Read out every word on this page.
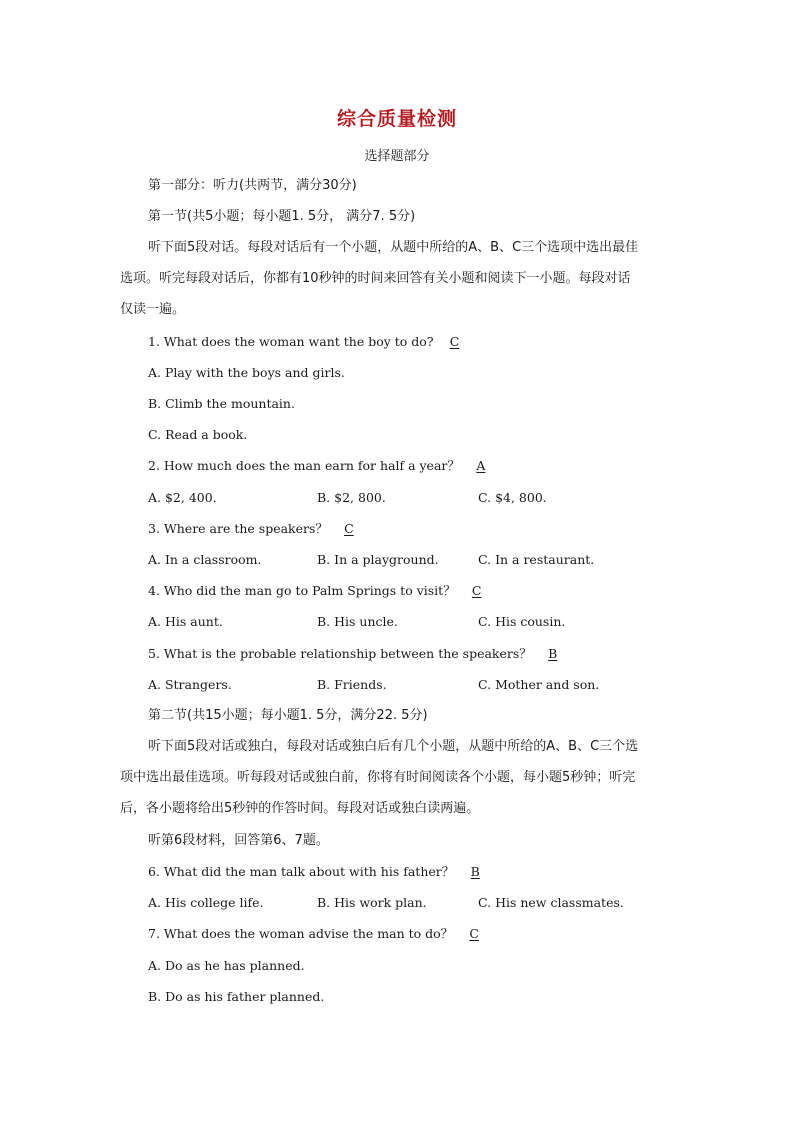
综合质量检测
选择题部分
第一部分：听力(共两节，满分30分)
第一节(共5小题；每小题1. 5分， 满分7. 5分)
听下面5段对话。每段对话后有一个小题，从题中所给的A、B、C三个选项中选出最佳
选项。听完每段对话后，你都有10秒钟的时间来回答有关小题和阅读下一小题。每段对话
仅读一遍。
1. What does the woman want the boy to do? C
A. Play with the boys and girls.
B. Climb the mountain.
C. Read a book.
2. How much does the man earn for half a year？ A
A. $2, 400.	B. $2, 800.	C. $4, 800.
3. Where are the speakers？ C
A. In a classroom.	B. In a playground.	C. In a restaurant.
4. Who did the man go to Palm Springs to visit？ C
A. His aunt.	B. His uncle.	C. His cousin.
5. What is the probable relationship between the speakers？ B
A. Strangers.	B. Friends.	C. Mother and son.
第二节(共15小题；每小题1. 5分，满分22. 5分)
听下面5段对话或独白，每段对话或独白后有几个小题，从题中所给的A、B、C三个选
项中选出最佳选项。听每段对话或独白前，你将有时间阅读各个小题，每小题5秒钟；听完
后，各小题将给出5秒钟的作答时间。每段对话或独白读两遍。
听第6段材料，回答第6、7题。
6. What did the man talk about with his father？ B
A. His college life.	B. His work plan.	C. His new classmates.
7. What does the woman advise the man to do？ C
A. Do as he has planned.
B. Do as his father planned.
